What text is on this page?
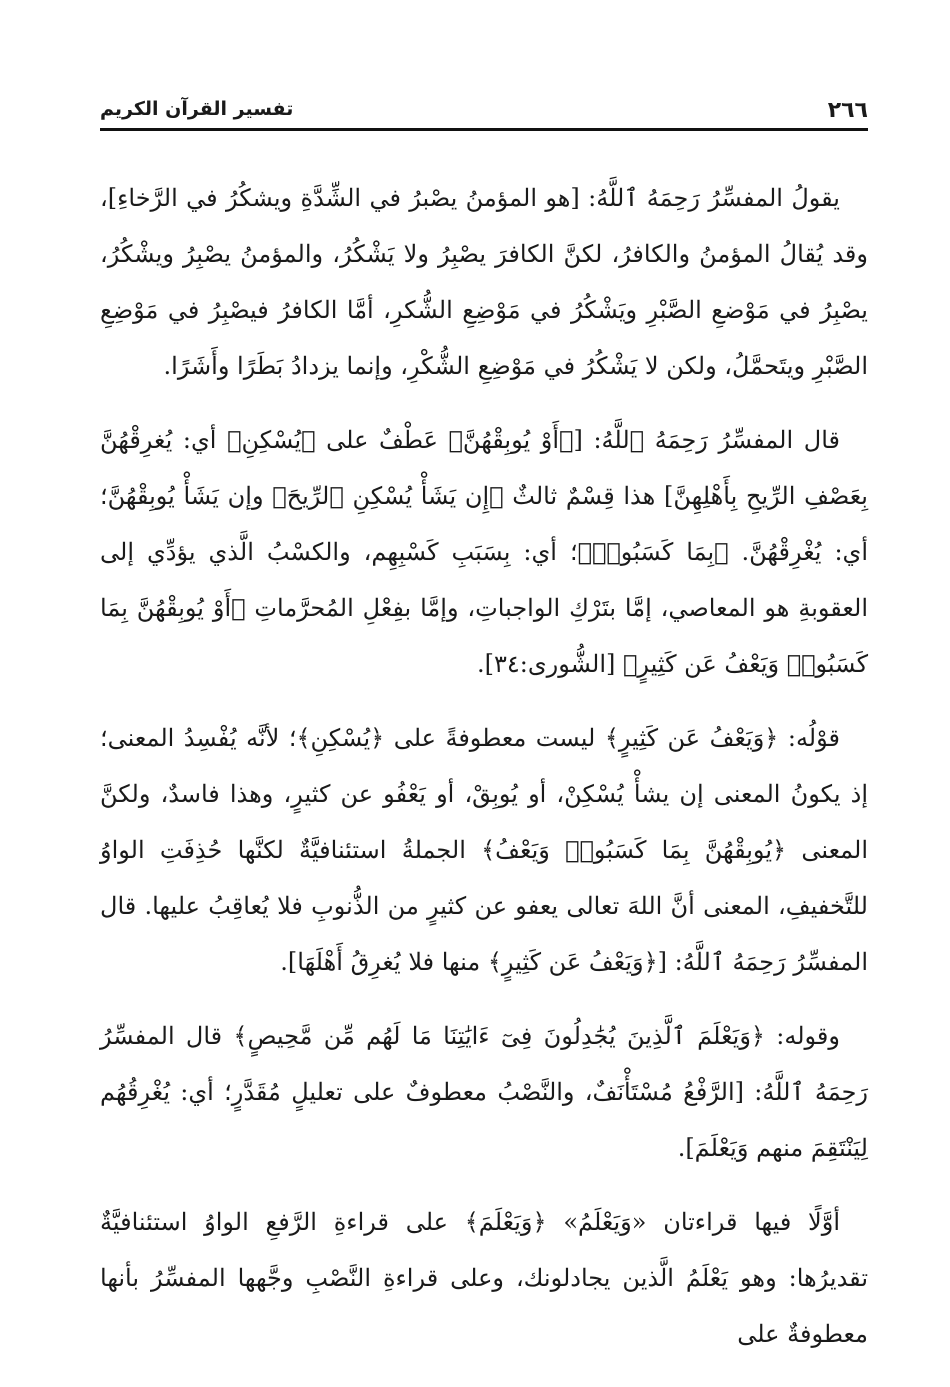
٢٦٦
تفسير القرآن الكريم

يقولُ المفسِّرُ رَحِمَهُ ٱللَّهُ: [هو المؤمنُ يصْبرُ في الشِّدَّةِ ويشكُرُ في الرَّخاءِ]، وقد يُقالُ المؤمنُ والكافرُ، لكنَّ الكافرَ يصْبِرُ ولا يَشْكُرُ، والمؤمنُ يصْبِرُ ويشْكُرُ، يصْبِرُ في مَوْضعِ الصَّبْرِ ويَشْكُرُ في مَوْضِعِ الشُّكرِ، أمَّا الكافرُ فيصْبِرُ في مَوْضِعِ الصَّبْرِ ويتَحمَّلُ، ولكن لا يَشْكُرُ في مَوْضِعِ الشُّكْرِ، وإنما يزدادُ بَطَرًا وأَشَرًا.

قال المفسِّرُ رَحِمَهُ ٱللَّهُ: [﴿أَوْ يُوبِقْهُنَّ﴾ عَطْفٌ على ﴿يُسْكِنِ﴾ أي: يُغرِقْهُنَّ بِعَصْفِ الرِّيحِ بِأَهْلِهِنَّ] هذا قِسْمٌ ثالثٌ ﴿إِن يَشَأْ يُسْكِنِ ٱلرِّيحَ﴾ وإن يَشَأْ يُوبِقْهُنَّ؛ أي: يُغْرِقْهُنَّ. ﴿بِمَا كَسَبُوا۟﴾؛ أي: بِسَبَبِ كَسْبِهِم، والكسْبُ الَّذي يؤدِّي إلى العقوبةِ هو المعاصي، إمَّا بتَرْكِ الواجباتِ، وإمَّا بفِعْلِ المُحرَّماتِ ﴿أَوْ يُوبِقْهُنَّ بِمَا كَسَبُوا۟ وَيَعْفُ عَن كَثِيرٍ﴾ [الشُّورى:٣٤].

قوْلُه: ﴿وَيَعْفُ عَن كَثِيرٍ﴾ ليست معطوفةً على ﴿يُسْكِنِ﴾؛ لأنَّه يُفْسِدُ المعنى؛ إذ يكونُ المعنى إن يشأْ يُسْكِنْ، أو يُوبِقْ، أو يَعْفُو عن كثيرٍ، وهذا فاسدٌ، ولكنَّ المعنى ﴿يُوبِقْهُنَّ بِمَا كَسَبُوا۟ وَيَعْفُ﴾ الجملةُ استئنافيَّةٌ لكنَّها حُذِفَتِ الواوُ للتَّخفيفِ، المعنى أنَّ اللهَ تعالى يعفو عن كثيرٍ من الذُّنوبِ فلا يُعاقِبُ عليها. قال المفسِّرُ رَحِمَهُ ٱللَّهُ: [﴿وَيَعْفُ عَن كَثِيرٍ﴾ منها فلا يُغرِقُ أَهْلَهَا].

وقوله: ﴿وَيَعْلَمَ ٱلَّذِينَ يُجَٰدِلُونَ فِىٓ ءَايَٰتِنَا مَا لَهُم مِّن مَّحِيصٍ﴾ قال المفسِّرُ رَحِمَهُ ٱللَّهُ: [الرَّفْعُ مُسْتَأْنَفٌ، والنَّصْبُ معطوفٌ على تعليلٍ مُقَدَّرٍ؛ أي: يُغْرِقُهُم لِيَنْتَقِمَ منهم وَيَعْلَمَ].

أوَّلًا فيها قراءتان «وَيَعْلَمُ» ﴿وَيَعْلَمَ﴾ على قراءةِ الرَّفعِ الواوُ استئنافيَّةٌ تقديرُها: وهو يَعْلَمُ الَّذين يجادلونك، وعلى قراءةِ النَّصْبِ وجَّهها المفسِّرُ بأنها معطوفةٌ على
